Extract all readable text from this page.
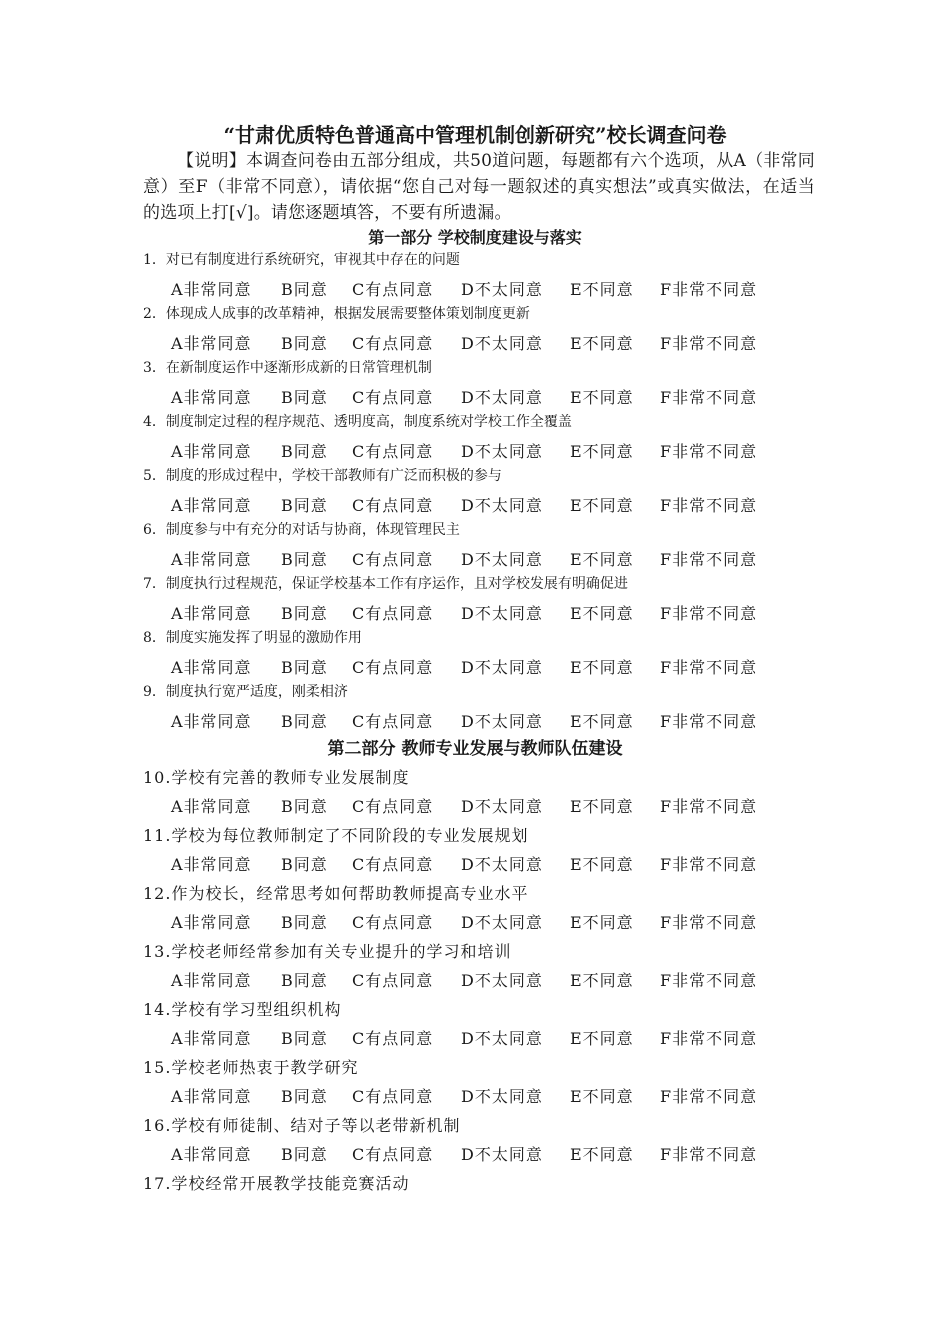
“甘肃优质特色普通高中管理机制创新研究”校长调查问卷
【说明】本调查问卷由五部分组成，共50道问题，每题都有六个选项，从A（非常同意）至F（非常不同意），请依据“您自己对每一题叙述的真实想法”或真实做法，在适当的选项上打[√]。请您逐题填答，不要有所遗漏。
第一部分 学校制度建设与落实
1．对已有制度进行系统研究，审视其中存在的问题
A非常同意 B同意 C有点同意 D不太同意 E不同意 F非常不同意
2．体现成人成事的改革精神，根据发展需要整体策划制度更新
A非常同意 B同意 C有点同意 D不太同意 E不同意 F非常不同意
3．在新制度运作中逐渐形成新的日常管理机制
A非常同意 B同意 C有点同意 D不太同意 E不同意 F非常不同意
4．制度制定过程的程序规范、透明度高，制度系统对学校工作全覆盖
A非常同意 B同意 C有点同意 D不太同意 E不同意 F非常不同意
5．制度的形成过程中，学校干部教师有广泛而积极的参与
A非常同意 B同意 C有点同意 D不太同意 E不同意 F非常不同意
6．制度参与中有充分的对话与协商，体现管理民主
A非常同意 B同意 C有点同意 D不太同意 E不同意 F非常不同意
7．制度执行过程规范，保证学校基本工作有序运作，且对学校发展有明确促进
A非常同意 B同意 C有点同意 D不太同意 E不同意 F非常不同意
8．制度实施发挥了明显的激励作用
A非常同意 B同意 C有点同意 D不太同意 E不同意 F非常不同意
9．制度执行宽严适度，刚柔相济
A非常同意 B同意 C有点同意 D不太同意 E不同意 F非常不同意
第二部分 教师专业发展与教师队伍建设
10.学校有完善的教师专业发展制度
A非常同意 B同意 C有点同意 D不太同意 E不同意 F非常不同意
11.学校为每位教师制定了不同阶段的专业发展规划
A非常同意 B同意 C有点同意 D不太同意 E不同意 F非常不同意
12.作为校长，经常思考如何帮助教师提高专业水平
A非常同意 B同意 C有点同意 D不太同意 E不同意 F非常不同意
13.学校老师经常参加有关专业提升的学习和培训
A非常同意 B同意 C有点同意 D不太同意 E不同意 F非常不同意
14.学校有学习型组织机构
A非常同意 B同意 C有点同意 D不太同意 E不同意 F非常不同意
15.学校老师热衷于教学研究
A非常同意 B同意 C有点同意 D不太同意 E不同意 F非常不同意
16.学校有师徒制、结对子等以老带新机制
A非常同意 B同意 C有点同意 D不太同意 E不同意 F非常不同意
17.学校经常开展教学技能竞赛活动
